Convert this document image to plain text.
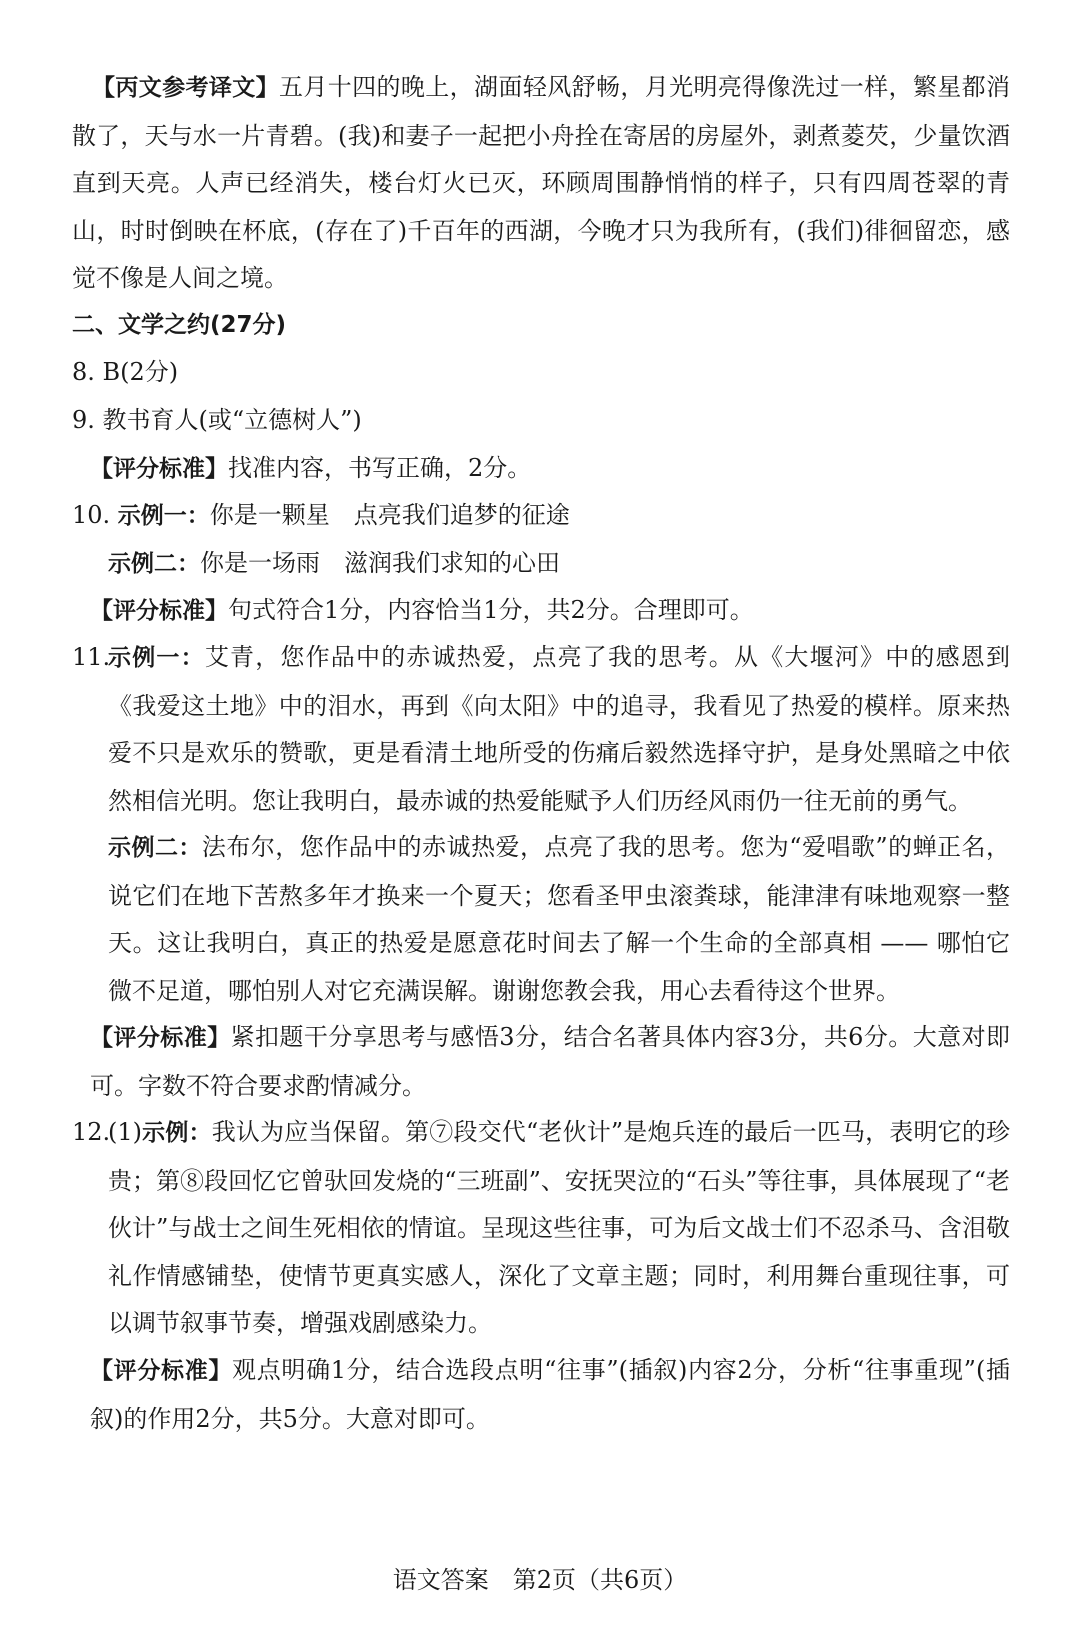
【丙文参考译文】五月十四的晚上，湖面轻风舒畅，月光明亮得像洗过一样，繁星都消散了，天与水一片青碧。(我)和妻子一起把小舟拴在寄居的房屋外，剥煮菱芡，少量饮酒直到天亮。人声已经消失，楼台灯火已灭，环顾周围静悄悄的样子，只有四周苍翠的青山，时时倒映在杯底，(存在了)千百年的西湖，今晚才只为我所有，(我们)徘徊留恋，感觉不像是人间之境。

二、文学之约(27分)

8. B(2分)

9. 教书育人(或“立德树人”)

【评分标准】找准内容，书写正确，2分。

10. 示例一：你是一颗星　点亮我们追梦的征途

示例二：你是一场雨　滋润我们求知的心田

【评分标准】句式符合1分，内容恰当1分，共2分。合理即可。

11.

示例一：艾青，您作品中的赤诚热爱，点亮了我的思考。从《大堰河》中的感恩到《我爱这土地》中的泪水，再到《向太阳》中的追寻，我看见了热爱的模样。原来热爱不只是欢乐的赞歌，更是看清土地所受的伤痛后毅然选择守护，是身处黑暗之中依然相信光明。您让我明白，最赤诚的热爱能赋予人们历经风雨仍一往无前的勇气。

示例二：法布尔，您作品中的赤诚热爱，点亮了我的思考。您为“爱唱歌”的蝉正名，说它们在地下苦熬多年才换来一个夏天；您看圣甲虫滚粪球，能津津有味地观察一整天。这让我明白，真正的热爱是愿意花时间去了解一个生命的全部真相 —— 哪怕它微不足道，哪怕别人对它充满误解。谢谢您教会我，用心去看待这个世界。

【评分标准】紧扣题干分享思考与感悟3分，结合名著具体内容3分，共6分。大意对即可。字数不符合要求酌情减分。

12.

(1)示例：我认为应当保留。第⑦段交代“老伙计”是炮兵连的最后一匹马，表明它的珍贵；第⑧段回忆它曾驮回发烧的“三班副”、安抚哭泣的“石头”等往事，具体展现了“老伙计”与战士之间生死相依的情谊。呈现这些往事，可为后文战士们不忍杀马、含泪敬礼作情感铺垫，使情节更真实感人，深化了文章主题；同时，利用舞台重现往事，可以调节叙事节奏，增强戏剧感染力。

【评分标准】观点明确1分，结合选段点明“往事”(插叙)内容2分，分析“往事重现”(插叙)的作用2分，共5分。大意对即可。

语文答案　第2页（共6页）
